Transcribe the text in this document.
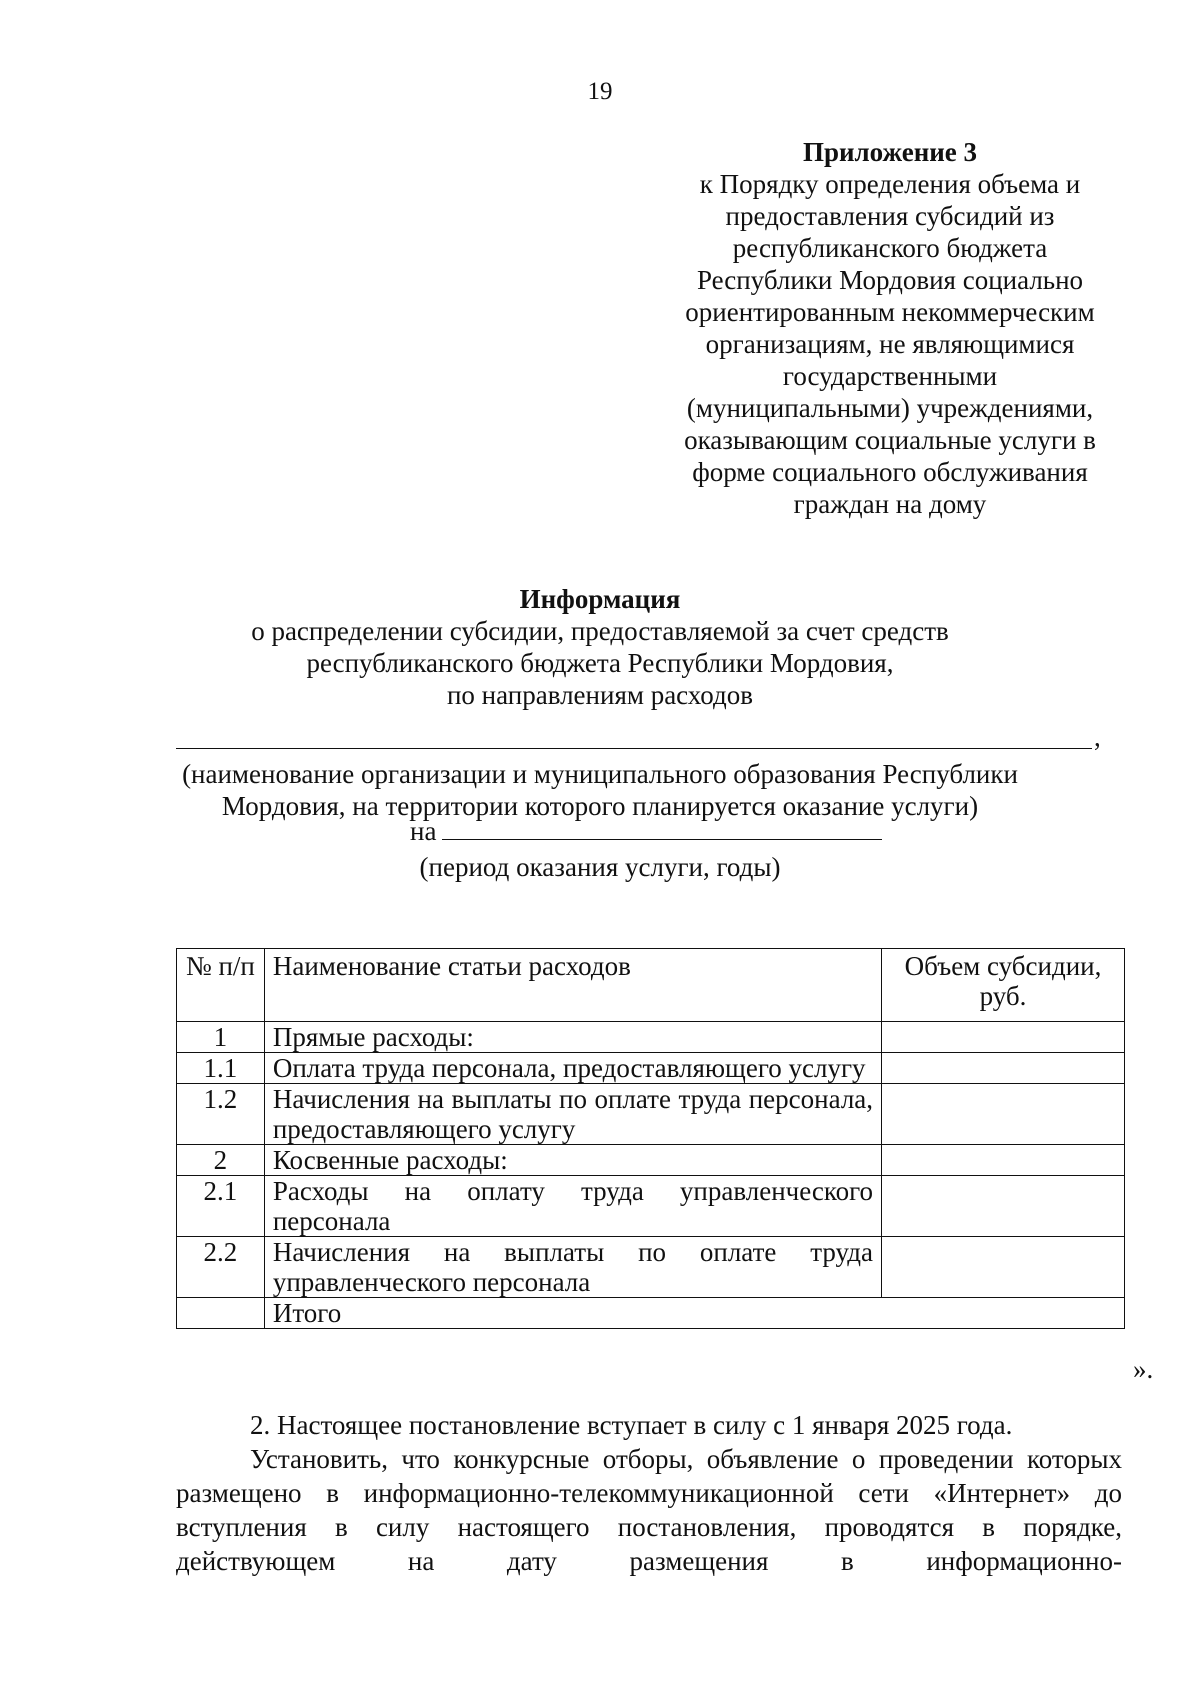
19
Приложение 3
к Порядку определения объема и
предоставления субсидий из
республиканского бюджета
Республики Мордовия социально
ориентированным некоммерческим
организациям, не являющимися
государственными
(муниципальными) учреждениями,
оказывающим социальные услуги в
форме социального обслуживания
граждан на дому
Информация
о распределении субсидии, предоставляемой за счет средств
республиканского бюджета Республики Мордовия,
по направлениям расходов
,
(наименование организации и муниципального образования Республики
Мордовия, на территории которого планируется оказание услуги)
на
(период оказания услуги, годы)
№ п/п	Наименование статьи расходов	Объем субсидии, руб.
1	Прямые расходы:	
1.1	Оплата труда персонала, предоставляющего услугу	
1.2	Начисления на выплаты по оплате труда персонала, предоставляющего услугу	
2	Косвенные расходы:	
2.1	Расходы на оплату труда управленческого персонала	
2.2	Начисления на выплаты по оплате труда управленческого персонала	
	Итого	
».

2. Настоящее постановление вступает в силу с 1 января 2025 года.

Установить, что конкурсные отборы, объявление о проведении которых размещено в информационно-телекоммуникационной сети «Интернет» до вступления в силу настоящего постановления, проводятся в порядке, действующем на дату размещения в информационно-
